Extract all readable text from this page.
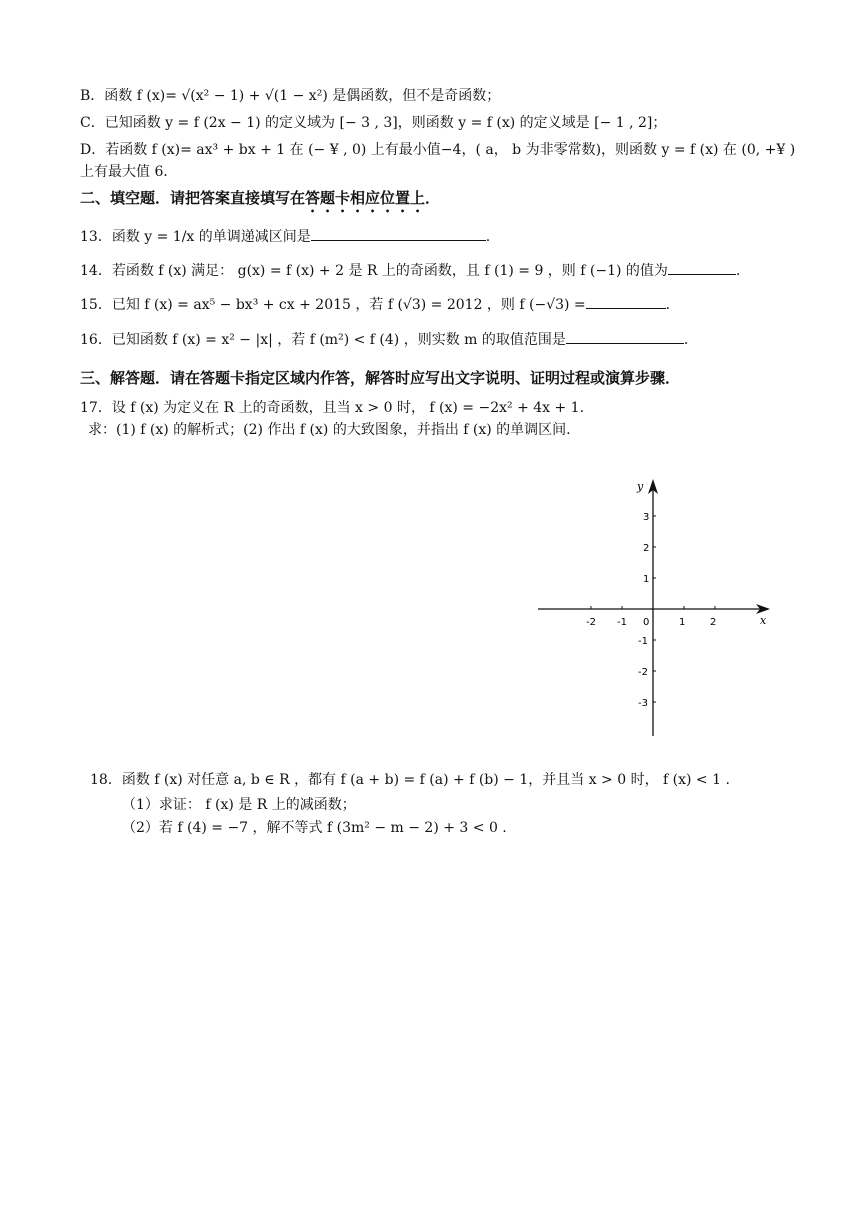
B．函数 f (x)= √(x² − 1) + √(1 − x²) 是偶函数，但不是奇函数；
C．已知函数 y = f (2x − 1) 的定义域为 [− 3 , 3]，则函数 y = f (x) 的定义域是 [− 1 , 2]；
D．若函数 f (x)= ax³ + bx + 1 在 (− ¥ , 0) 上有最小值−4，( a， b 为非零常数)，则函数 y = f (x) 在 (0, +¥ )
上有最大值 6．
二、填空题．请把答案直接填写在答题卡相应位置上．
13．函数 y = 1/x 的单调递减区间是	.
14．若函数 f (x) 满足： g(x) = f (x) + 2 是 R 上的奇函数，且 f (1) = 9 ，则 f (−1) 的值为	.
15．已知 f (x) = ax⁵ − bx³ + cx + 2015 ，若 f (√3) = 2012 ，则 f (−√3) =	.
16．已知函数 f (x) = x² − |x| ，若 f (m²) < f (4) ，则实数 m 的取值范围是	.
三、解答题．请在答题卡指定区域内作答，解答时应写出文字说明、证明过程或演算步骤．
17．设 f (x) 为定义在 R 上的奇函数，且当 x > 0 时， f (x) = −2x² + 4x + 1.
求：(1) f (x) 的解析式；(2) 作出 f (x) 的大致图象，并指出 f (x) 的单调区间.
x
y
-2 -1 0	1 2
3
2
1
-1
-2
-3
18．函数 f (x) 对任意 a, b ∈ R ，都有 f (a + b) = f (a) + f (b) − 1，并且当 x > 0 时， f (x) < 1 .
（1）求证： f (x) 是 R 上的减函数；
（2）若 f (4) = −7 ，解不等式 f (3m² − m − 2) + 3 < 0 .
